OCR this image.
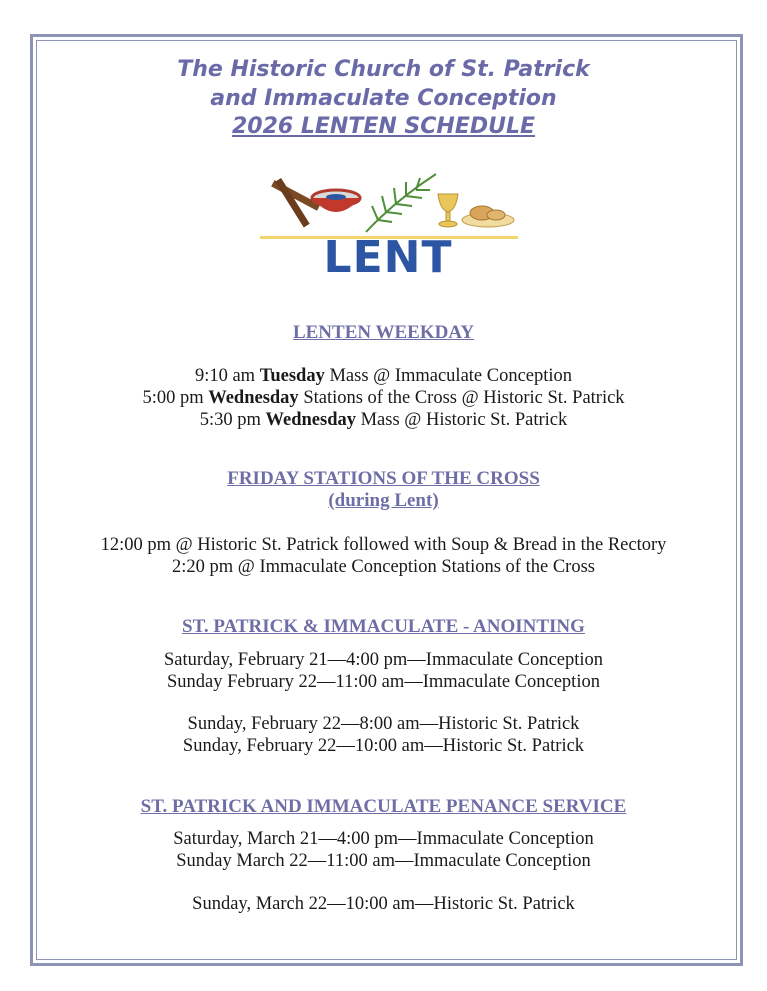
The Historic Church of St. Patrick
and Immaculate Conception
2026 LENTEN SCHEDULE
LENT
LENTEN WEEKDAY
9:10 am Tuesday Mass @ Immaculate Conception
5:00 pm Wednesday Stations of the Cross @ Historic St. Patrick
5:30 pm Wednesday Mass @ Historic St. Patrick
FRIDAY STATIONS OF THE CROSS
(during Lent)
12:00 pm @ Historic St. Patrick followed with Soup & Bread in the Rectory
2:20 pm @ Immaculate Conception Stations of the Cross
ST. PATRICK & IMMACULATE - ANOINTING
Saturday, February 21—4:00 pm—Immaculate Conception
Sunday February 22—11:00 am—Immaculate Conception
Sunday, February 22—8:00 am—Historic St. Patrick
Sunday, February 22—10:00 am—Historic St. Patrick
ST. PATRICK AND IMMACULATE PENANCE SERVICE
Saturday, March 21—4:00 pm—Immaculate Conception
Sunday March 22—11:00 am—Immaculate Conception
Sunday, March 22—10:00 am—Historic St. Patrick
